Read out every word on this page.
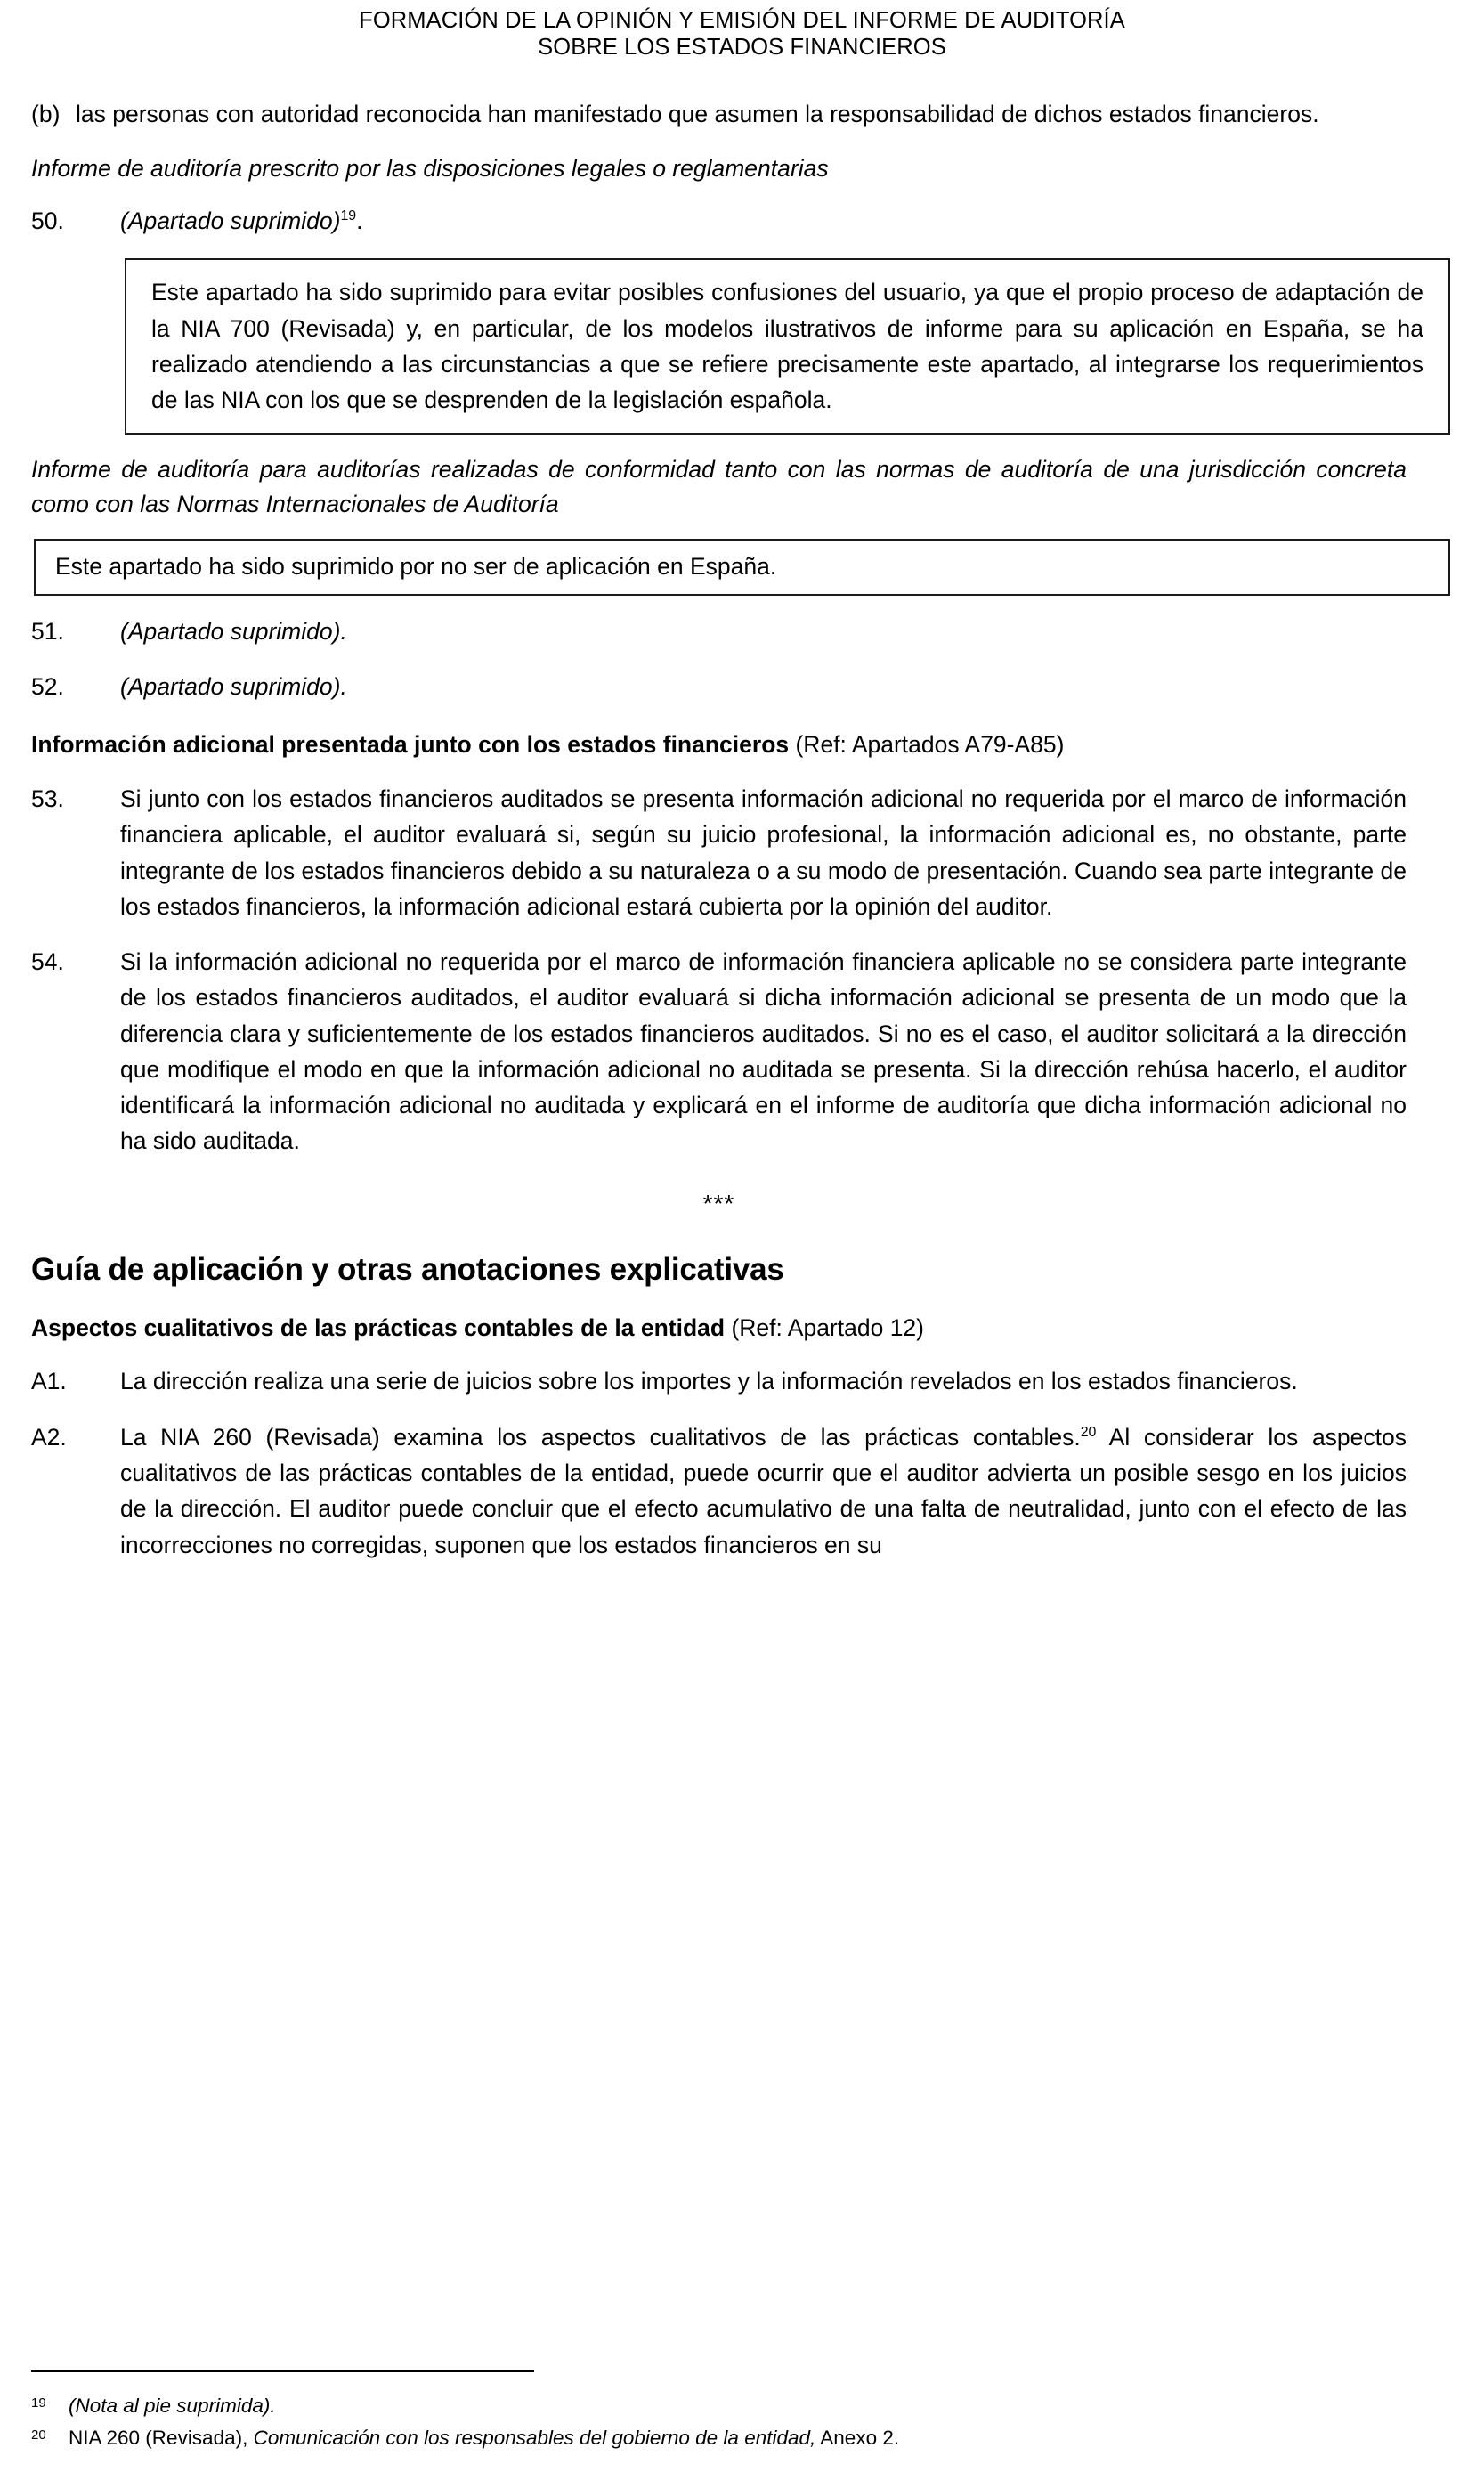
FORMACIÓN DE LA OPINIÓN Y EMISIÓN DEL INFORME DE AUDITORÍA
SOBRE LOS ESTADOS FINANCIEROS
(b) las personas con autoridad reconocida han manifestado que asumen la responsabilidad de dichos estados financieros.
Informe de auditoría prescrito por las disposiciones legales o reglamentarias
50.	(Apartado suprimido)$^{19}$.
Este apartado ha sido suprimido para evitar posibles confusiones del usuario, ya que el propio proceso de adaptación de la NIA 700 (Revisada) y, en particular, de los modelos ilustrativos de informe para su aplicación en España, se ha realizado atendiendo a las circunstancias a que se refiere precisamente este apartado, al integrarse los requerimientos de las NIA con los que se desprenden de la legislación española.
Informe de auditoría para auditorías realizadas de conformidad tanto con las normas de auditoría de una jurisdicción concreta como con las Normas Internacionales de Auditoría
Este apartado ha sido suprimido por no ser de aplicación en España.
51.	(Apartado suprimido).
52.	(Apartado suprimido).
Información adicional presentada junto con los estados financieros (Ref: Apartados A79-A85)
53.	Si junto con los estados financieros auditados se presenta información adicional no requerida por el marco de información financiera aplicable, el auditor evaluará si, según su juicio profesional, la información adicional es, no obstante, parte integrante de los estados financieros debido a su naturaleza o a su modo de presentación. Cuando sea parte integrante de los estados financieros, la información adicional estará cubierta por la opinión del auditor.
54.	Si la información adicional no requerida por el marco de información financiera aplicable no se considera parte integrante de los estados financieros auditados, el auditor evaluará si dicha información adicional se presenta de un modo que la diferencia clara y suficientemente de los estados financieros auditados. Si no es el caso, el auditor solicitará a la dirección que modifique el modo en que la información adicional no auditada se presenta. Si la dirección rehúsa hacerlo, el auditor identificará la información adicional no auditada y explicará en el informe de auditoría que dicha información adicional no ha sido auditada.
***
Guía de aplicación y otras anotaciones explicativas
Aspectos cualitativos de las prácticas contables de la entidad (Ref: Apartado 12)
A1.	La dirección realiza una serie de juicios sobre los importes y la información revelados en los estados financieros.
A2.	La NIA 260 (Revisada) examina los aspectos cualitativos de las prácticas contables.$^{20}$ Al considerar los aspectos cualitativos de las prácticas contables de la entidad, puede ocurrir que el auditor advierta un posible sesgo en los juicios de la dirección. El auditor puede concluir que el efecto acumulativo de una falta de neutralidad, junto con el efecto de las incorrecciones no corregidas, suponen que los estados financieros en su
19	(Nota al pie suprimida).
20	NIA 260 (Revisada), Comunicación con los responsables del gobierno de la entidad, Anexo 2.
